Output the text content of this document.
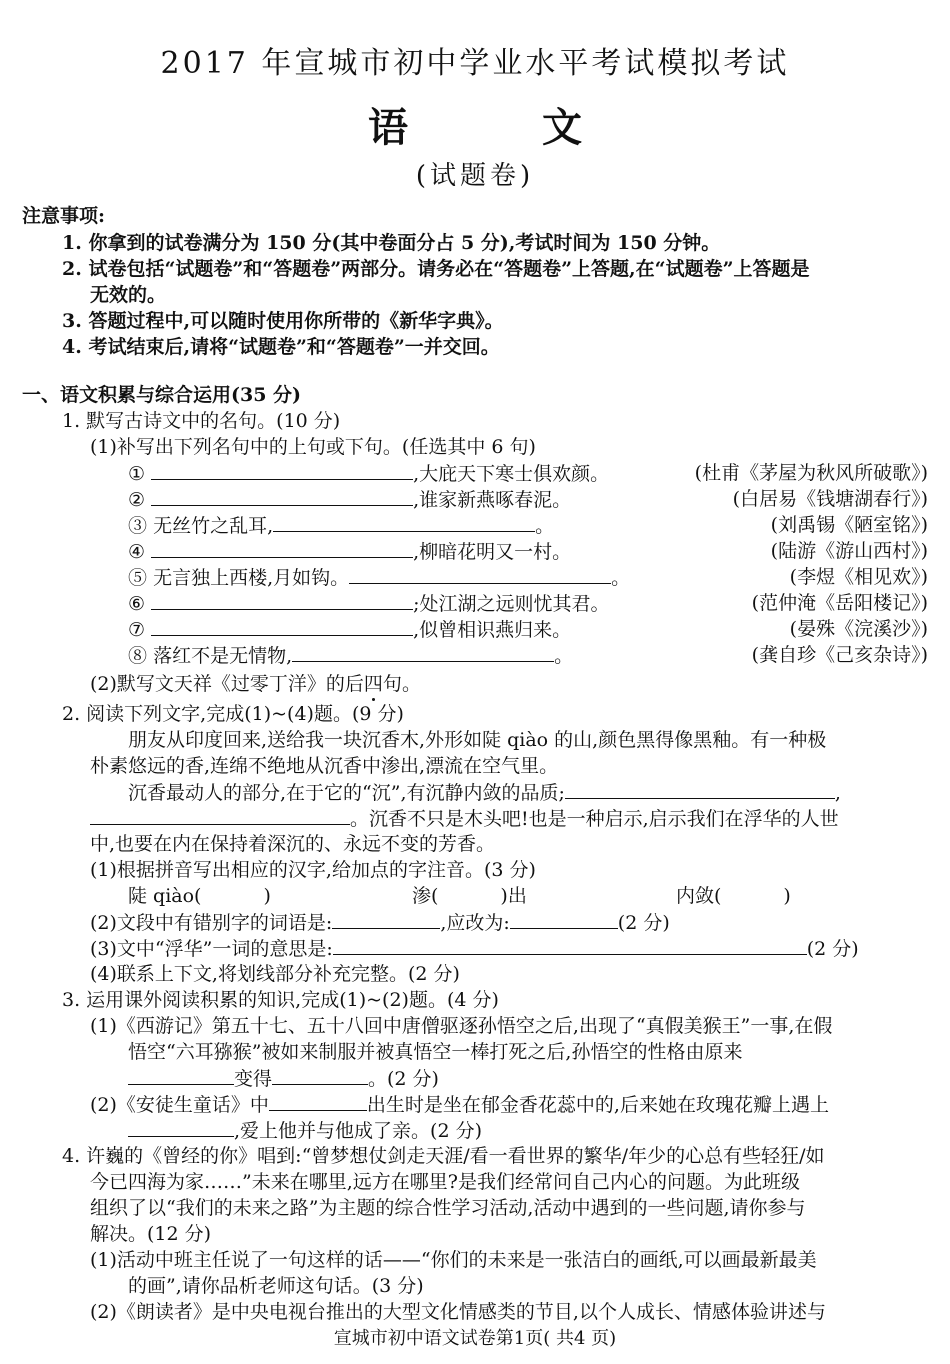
2017 年宣城市初中学业水平考试模拟考试
语 文
(试题卷)
注意事项:
1. 你拿到的试卷满分为 150 分(其中卷面分占 5 分),考试时间为 150 分钟。
2. 试卷包括“试题卷”和“答题卷”两部分。请务必在“答题卷”上答题,在“试题卷”上答题是
无效的。
3. 答题过程中,可以随时使用你所带的《新华字典》。
4. 考试结束后,请将“试题卷”和“答题卷”一并交回。
一、语文积累与综合运用(35 分)
1. 默写古诗文中的名句。(10 分)
(1)补写出下列名句中的上句或下句。(任选其中 6 句)
①	,大庇天下寒士俱欢颜。	(杜甫《茅屋为秋风所破歌》)
②	,谁家新燕啄春泥。	(白居易《钱塘湖春行》)
③ 无丝竹之乱耳,	。	(刘禹锡《陋室铭》)
④	,柳暗花明又一村。	(陆游《游山西村》)
⑤ 无言独上西楼,月如钩。	。	(李煜《相见欢》)
⑥	;处江湖之远则忧其君。	(范仲淹《岳阳楼记》)
⑦	,似曾相识燕归来。	(晏殊《浣溪沙》)
⑧ 落红不是无情物,	。	(龚自珍《己亥杂诗》)
(2)默写文天祥《过零丁洋》的后四句。
2. 阅读下列文字,完成(1)~(4)题。(9 分)
朋友从印度回来,送给我一块沉香木,外形如陡 qiào 的山,颜色黑得像黑釉。有一种极
朴素悠远的香,连绵不绝地从沉香中渗出,漂流在空气里。
沉香最动人的部分,在于它的“沉”,有沉静内敛的品质;	,
。沉香不只是木头吧!也是一种启示,启示我们在浮华的人世
中,也要在内在保持着深沉的、永远不变的芳香。
(1)根据拼音写出相应的汉字,给加点的字注音。(3 分)
陡 qiào(	)	渗(	)出	内敛(	)
(2)文段中有错别字的词语是:	,应改为:	(2 分)
(3)文中“浮华”一词的意思是:	(2 分)
(4)联系上下文,将划线部分补充完整。(2 分)
3. 运用课外阅读积累的知识,完成(1)~(2)题。(4 分)
(1)《西游记》第五十七、五十八回中唐僧驱逐孙悟空之后,出现了“真假美猴王”一事,在假
悟空“六耳猕猴”被如来制服并被真悟空一棒打死之后,孙悟空的性格由原来
变得	。(2 分)
(2)《安徒生童话》中	出生时是坐在郁金香花蕊中的,后来她在玫瑰花瓣上遇上
,爱上他并与他成了亲。(2 分)
4. 许巍的《曾经的你》唱到:“曾梦想仗剑走天涯/看一看世界的繁华/年少的心总有些轻狂/如
今已四海为家……”未来在哪里,远方在哪里?是我们经常问自己内心的问题。为此班级
组织了以“我们的未来之路”为主题的综合性学习活动,活动中遇到的一些问题,请你参与
解决。(12 分)
(1)活动中班主任说了一句这样的话——“你们的未来是一张洁白的画纸,可以画最新最美
的画”,请你品析老师这句话。(3 分)
(2)《朗读者》是中央电视台推出的大型文化情感类的节目,以个人成长、情感体验讲述与
宣城市初中语文试卷第1页( 共4 页)
